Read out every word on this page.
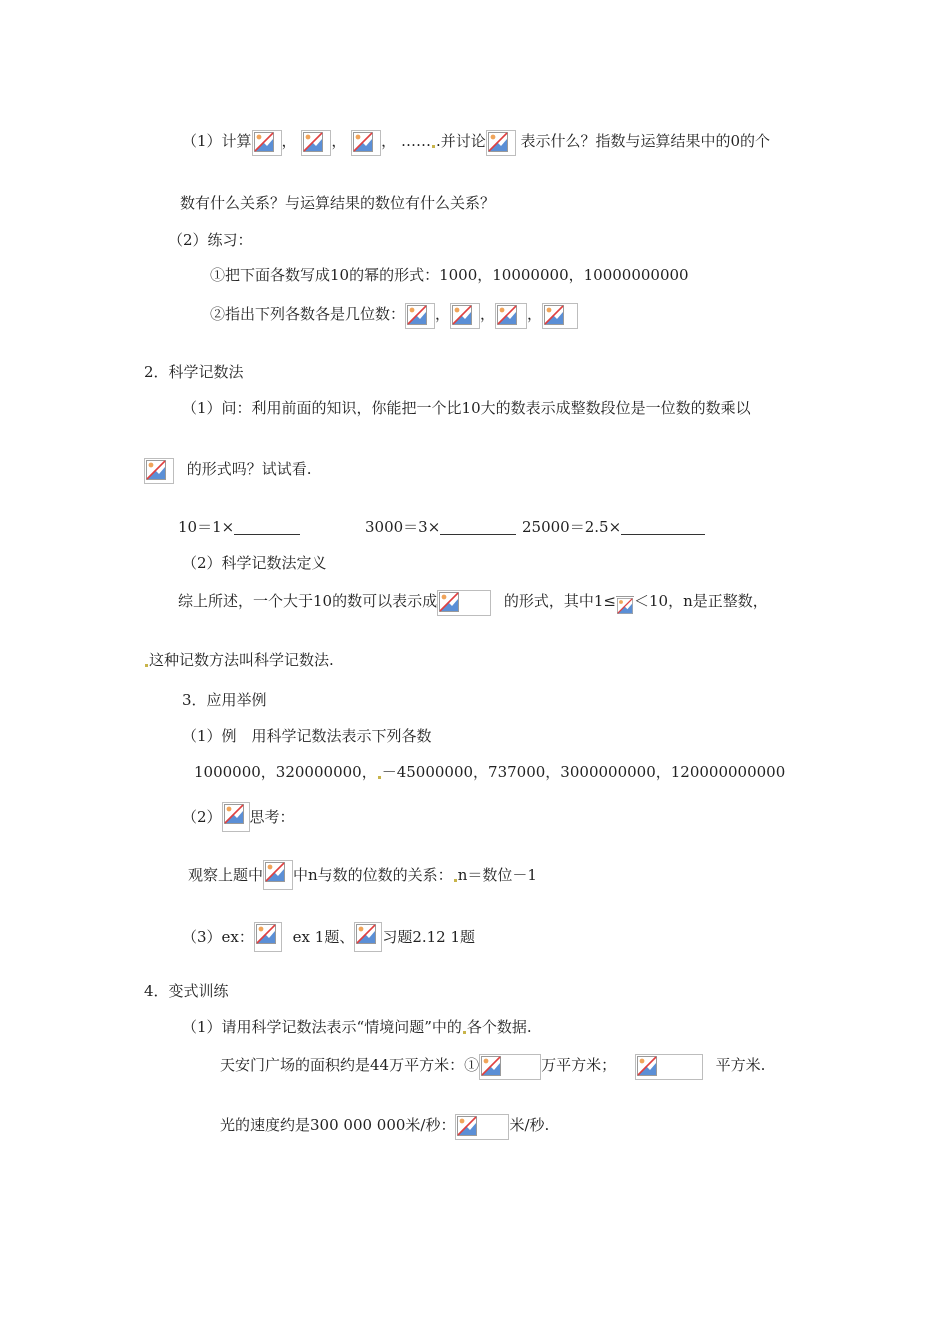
（1）计算 ， ， ， …… .并讨论 表示什么？指数与运算结果中的0的个
数有什么关系？与运算结果的数位有什么关系？
（2）练习：
①把下面各数写成10的幂的形式：1000，10000000，10000000000
②指出下列各数各是几位数： ， ， ，
2．科学记数法
（1）问：利用前面的知识，你能把一个比10大的数表示成整数段位是一位数的数乘以
的形式吗？试试看.
10＝1×	3000＝3×	25000＝2.5×
（2）科学记数法定义
综上所述，一个大于10的数可以表示成	的形式，其中1≤ ＜10，n是正整数，
这种记数方法叫科学记数法.
3．应用举例
（1）例　用科学记数法表示下列各数
1000000，320000000， －45000000，737000，3000000000，120000000000
（2） 思考：
观察上题中 中n与数的位数的关系： n＝数位－1
（3）ex：	ex 1题、 习题2.12 1题
4．变式训练
（1）请用科学记数法表示“情境问题”中的 各个数据.
天安门广场的面积约是44万平方米：①	万平方米；	平方米.
光的速度约是300 000 000米/秒：	米/秒.
